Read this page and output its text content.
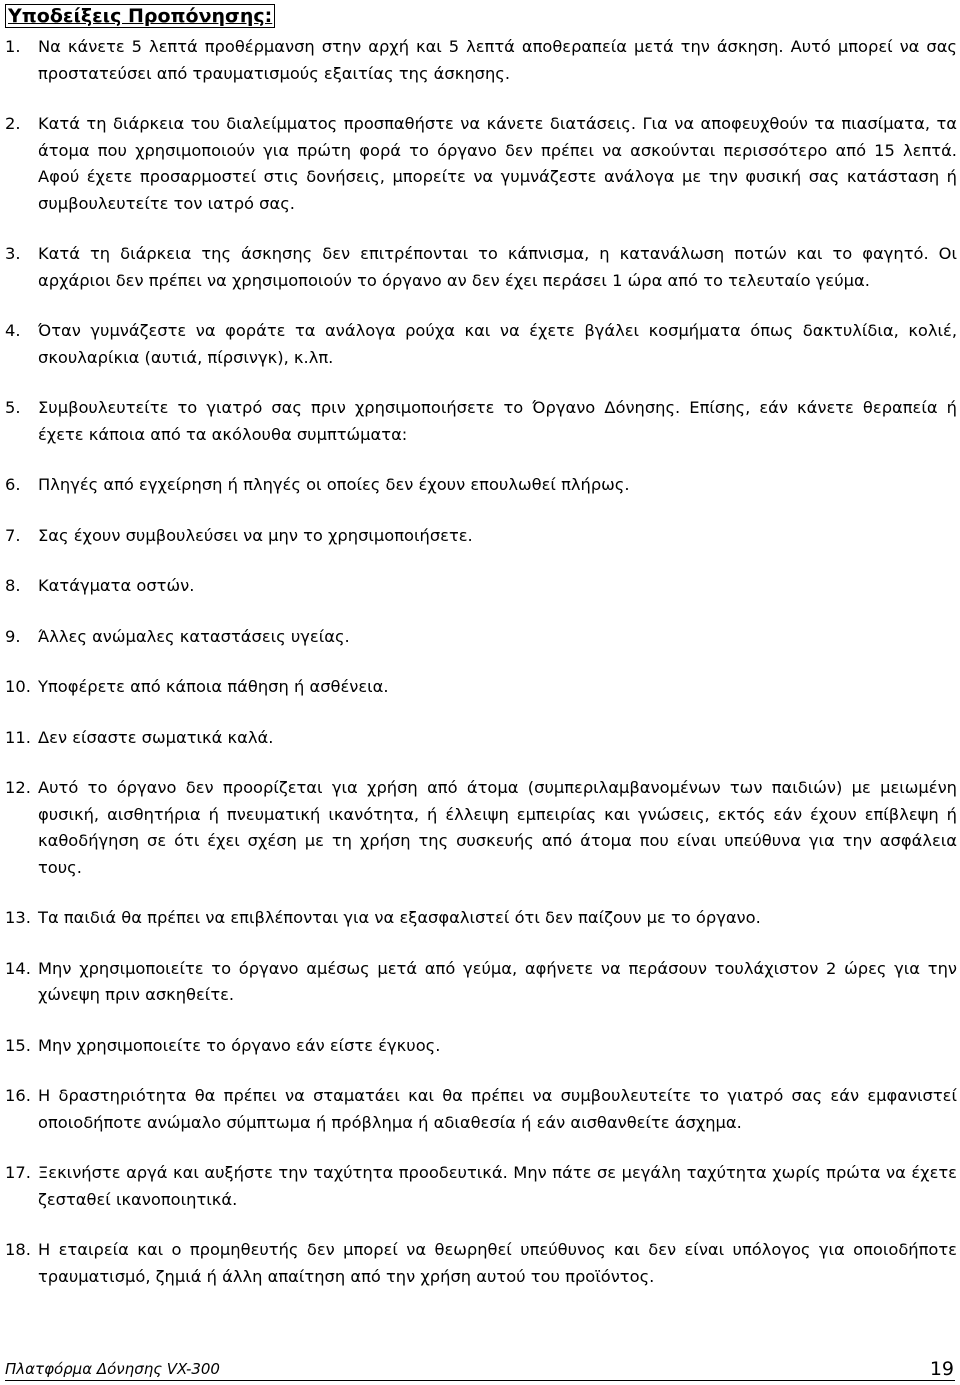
Υποδείξεις Προπόνησης:
1. Να κάνετε 5 λεπτά προθέρμανση στην αρχή και 5 λεπτά αποθεραπεία μετά την άσκηση. Αυτό μπορεί να σας προστατεύσει από τραυματισμούς εξαιτίας της άσκησης.
2. Κατά τη διάρκεια του διαλείμματος προσπαθήστε να κάνετε διατάσεις. Για να αποφευχθούν τα πιασίματα, τα άτομα που χρησιμοποιούν για πρώτη φορά το όργανο δεν πρέπει να ασκούνται περισσότερο από 15 λεπτά. Αφού έχετε προσαρμοστεί στις δονήσεις, μπορείτε να γυμνάζεστε ανάλογα με την φυσική σας κατάσταση ή συμβουλευτείτε τον ιατρό σας.
3. Κατά τη διάρκεια της άσκησης δεν επιτρέπονται το κάπνισμα, η κατανάλωση ποτών και το φαγητό. Οι αρχάριοι δεν πρέπει να χρησιμοποιούν το όργανο αν δεν έχει περάσει 1 ώρα από το τελευταίο γεύμα.
4. Όταν γυμνάζεστε να φοράτε τα ανάλογα ρούχα και να έχετε βγάλει κοσμήματα όπως δακτυλίδια, κολιέ, σκουλαρίκια (αυτιά, πίρσινγκ), κ.λπ.
5. Συμβουλευτείτε το γιατρό σας πριν χρησιμοποιήσετε το Όργανο Δόνησης. Επίσης, εάν κάνετε θεραπεία ή έχετε κάποια από τα ακόλουθα συμπτώματα:
6. Πληγές από εγχείρηση ή πληγές οι οποίες δεν έχουν επουλωθεί πλήρως.
7. Σας έχουν συμβουλεύσει να μην το χρησιμοποιήσετε.
8. Κατάγματα οστών.
9. Άλλες ανώμαλες καταστάσεις υγείας.
10. Υποφέρετε από κάποια πάθηση ή ασθένεια.
11. Δεν είσαστε σωματικά καλά.
12. Αυτό το όργανο δεν προορίζεται για χρήση από άτομα (συμπεριλαμβανομένων των παιδιών) με μειωμένη φυσική, αισθητήρια ή πνευματική ικανότητα, ή έλλειψη εμπειρίας και γνώσεις, εκτός εάν έχουν επίβλεψη ή καθοδήγηση σε ότι έχει σχέση με τη χρήση της συσκευής από άτομα που είναι υπεύθυνα για την ασφάλεια τους.
13. Τα παιδιά θα πρέπει να επιβλέπονται για να εξασφαλιστεί ότι δεν παίζουν με το όργανο.
14. Μην χρησιμοποιείτε το όργανο αμέσως μετά από γεύμα, αφήνετε να περάσουν τουλάχιστον 2 ώρες για την χώνεψη πριν ασκηθείτε.
15. Μην χρησιμοποιείτε το όργανο εάν είστε έγκυος.
16. Η δραστηριότητα θα πρέπει να σταματάει και θα πρέπει να συμβουλευτείτε το γιατρό σας εάν εμφανιστεί οποιοδήποτε ανώμαλο σύμπτωμα ή πρόβλημα ή αδιαθεσία ή εάν αισθανθείτε άσχημα.
17. Ξεκινήστε αργά και αυξήστε την ταχύτητα προοδευτικά. Μην πάτε σε μεγάλη ταχύτητα χωρίς πρώτα να έχετε ζεσταθεί ικανοποιητικά.
18. Η εταιρεία και ο προμηθευτής δεν μπορεί να θεωρηθεί υπεύθυνος και δεν είναι υπόλογος για οποιοδήποτε τραυματισμό, ζημιά ή άλλη απαίτηση από την χρήση αυτού του προϊόντος.
Πλατφόρμα Δόνησης VX-300	19
